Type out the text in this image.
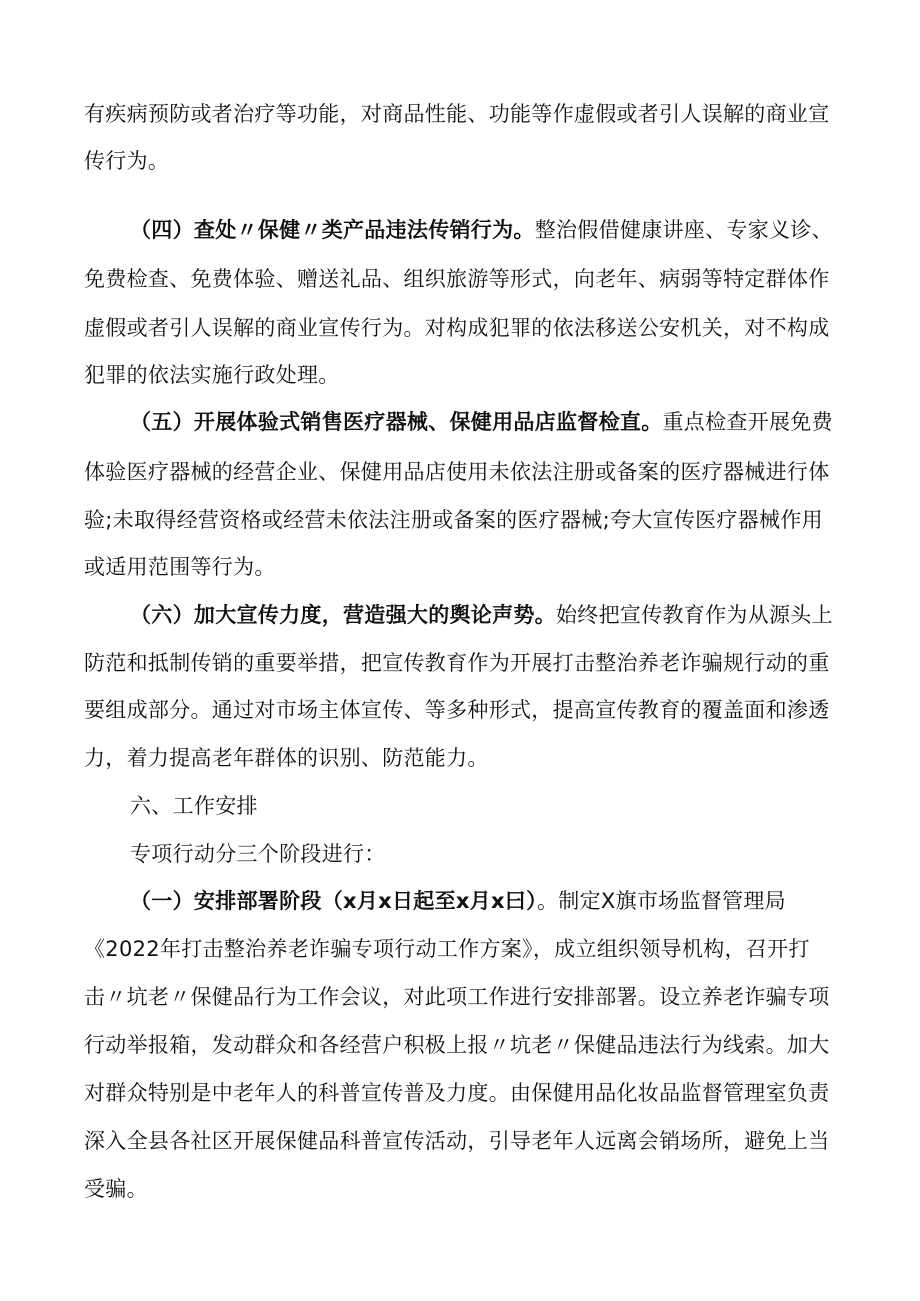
有疾病预防或者治疗等功能，对商品性能、功能等作虚假或者引人误解的商业宣
传行为。
（四）查处〃保健〃类产品违法传销行为。整治假借健康讲座、专家义诊、
免费检查、免费体验、赠送礼品、组织旅游等形式，向老年、病弱等特定群体作
虚假或者引人误解的商业宣传行为。对构成犯罪的依法移送公安机关，对不构成
犯罪的依法实施行政处理。
（五）开展体验式销售医疗器械、保健用品店监督检直。重点检查开展免费
体验医疗器械的经营企业、保健用品店使用未依法注册或备案的医疗器械进行体
验;未取得经营资格或经营未依法注册或备案的医疗器械;夸大宣传医疗器械作用
或适用范围等行为。
（六）加大宣传力度，营造强大的舆论声势。始终把宣传教育作为从源头上
防范和抵制传销的重要举措，把宣传教育作为开展打击整治养老诈骗规行动的重
要组成部分。通过对市场主体宣传、等多种形式，提高宣传教育的覆盖面和渗透
力，着力提高老年群体的识别、防范能力。
六、工作安排
专项行动分三个阶段进行：
（一）安排部署阶段（x月x日起至x月x曰）。制定X旗市场监督管理局
《2022年打击整治养老诈骗专项行动工作方案》，成立组织领导机构，召开打
击〃坑老〃保健品行为工作会议，对此项工作进行安排部署。设立养老诈骗专项
行动举报箱，发动群众和各经营户积极上报〃坑老〃保健品违法行为线索。加大
对群众特别是中老年人的科普宣传普及力度。由保健用品化妆品监督管理室负责
深入全县各社区开展保健品科普宣传活动，引导老年人远离会销场所，避免上当
受骗。
